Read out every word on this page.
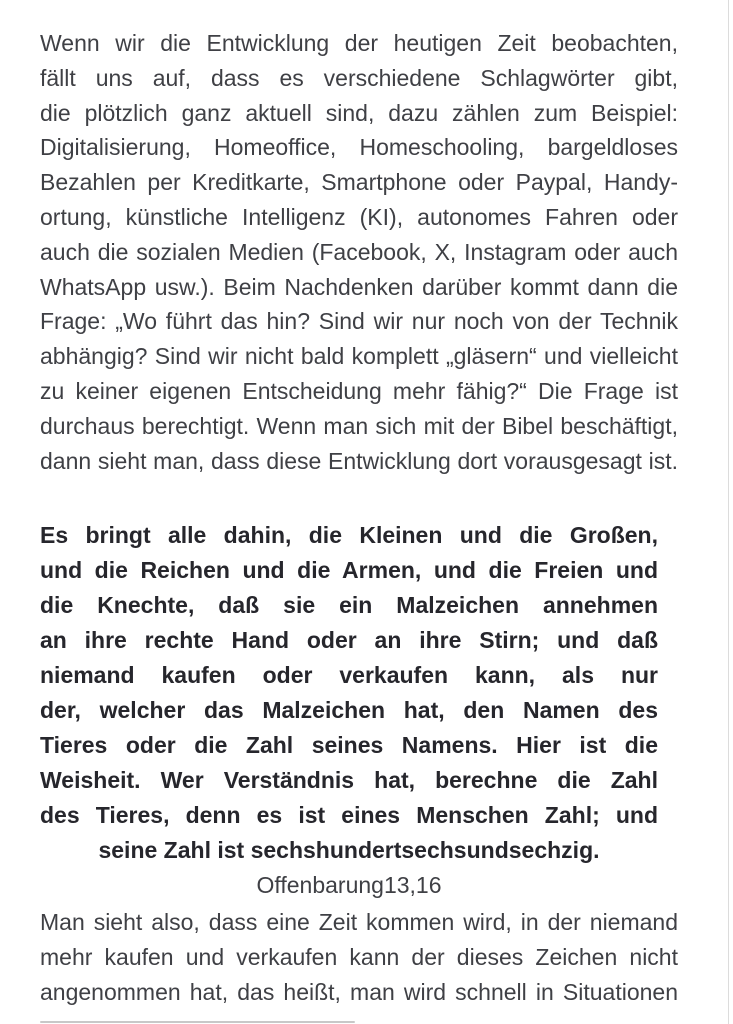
Wenn wir die Entwicklung der heutigen Zeit beobachten,
fällt uns auf, dass es verschiedene Schlagwörter gibt,
die plötzlich ganz aktuell sind, dazu zählen zum Beispiel:
Digitalisierung, Homeoffice, Homeschooling, bargeldloses
Bezahlen per Kreditkarte, Smartphone oder Paypal, Handy-
ortung, künstliche Intelligenz (KI), autonomes Fahren oder
auch die sozialen Medien (Facebook, X, Instagram oder auch
WhatsApp usw.). Beim Nachdenken darüber kommt dann die
Frage: „Wo führt das hin? Sind wir nur noch von der Technik
abhängig? Sind wir nicht bald komplett „gläsern“ und vielleicht
zu keiner eigenen Entscheidung mehr fähig?“ Die Frage ist
durchaus berechtigt. Wenn man sich mit der Bibel beschäftigt,
dann sieht man, dass diese Entwicklung dort vorausgesagt ist.
Es bringt alle dahin, die Kleinen und die Großen,
und die Reichen und die Armen, und die Freien und
die Knechte, daß sie ein Malzeichen annehmen
an ihre rechte Hand oder an ihre Stirn; und daß
niemand kaufen oder verkaufen kann, als nur
der, welcher das Malzeichen hat, den Namen des
Tieres oder die Zahl seines Namens. Hier ist die
Weisheit. Wer Verständnis hat, berechne die Zahl
des Tieres, denn es ist eines Menschen Zahl; und
seine Zahl ist sechshundertsechsundsechzig.
Offenbarung13,16
Man sieht also, dass eine Zeit kommen wird, in der niemand
mehr kaufen und verkaufen kann der dieses Zeichen nicht
angenommen hat, das heißt, man wird schnell in Situationen
